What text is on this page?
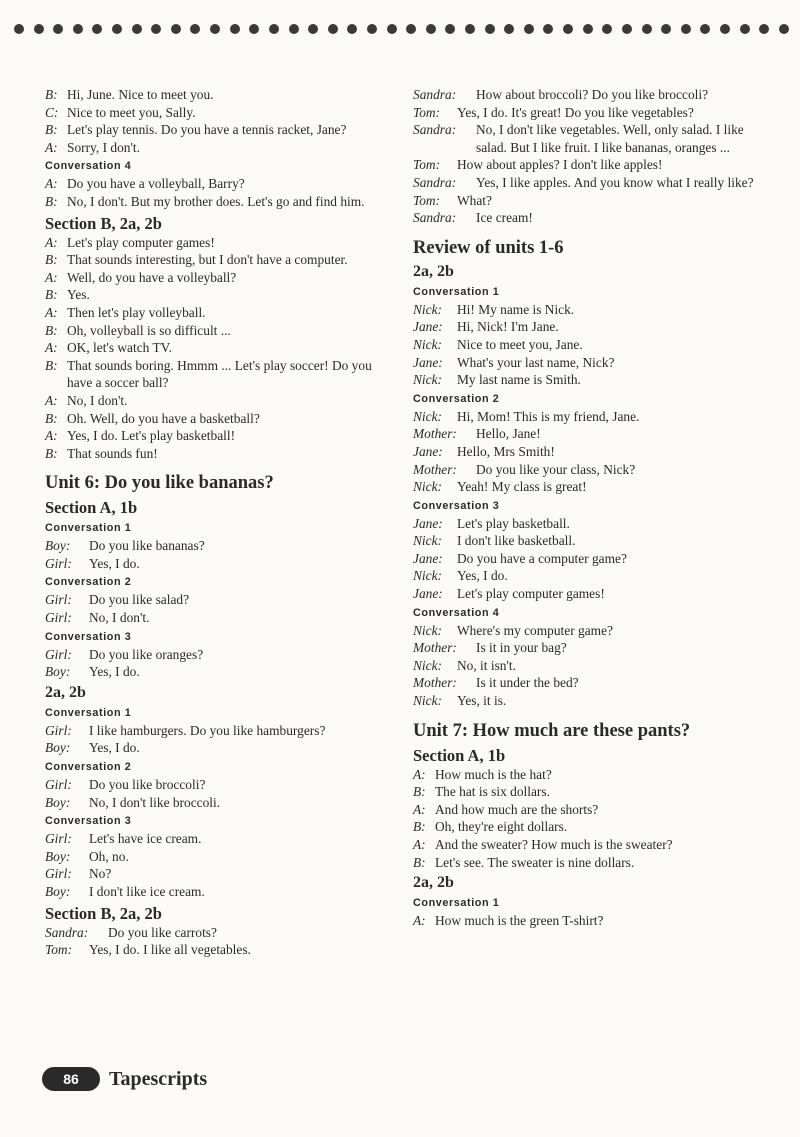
B: Hi, June. Nice to meet you.
C: Nice to meet you, Sally.
B: Let's play tennis. Do you have a tennis racket, Jane?
A: Sorry, I don't.
Conversation 4
A: Do you have a volleyball, Barry?
B: No, I don't. But my brother does. Let's go and find him.
Section B, 2a, 2b
A: Let's play computer games!
B: That sounds interesting, but I don't have a computer.
A: Well, do you have a volleyball?
B: Yes.
A: Then let's play volleyball.
B: Oh, volleyball is so difficult ...
A: OK, let's watch TV.
B: That sounds boring. Hmmm ... Let's play soccer! Do you have a soccer ball?
A: No, I don't.
B: Oh. Well, do you have a basketball?
A: Yes, I do. Let's play basketball!
B: That sounds fun!
Unit 6: Do you like bananas?
Section A, 1b
Conversation 1
Boy:	Do you like bananas?
Girl:	Yes, I do.
Conversation 2
Girl:	Do you like salad?
Girl:	No, I don't.
Conversation 3
Girl:	Do you like oranges?
Boy:	Yes, I do.
2a, 2b
Conversation 1
Girl:	I like hamburgers. Do you like hamburgers?
Boy:	Yes, I do.
Conversation 2
Girl:	Do you like broccoli?
Boy:	No, I don't like broccoli.
Conversation 3
Girl:	Let's have ice cream.
Boy:	Oh, no.
Girl:	No?
Boy:	I don't like ice cream.
Section B, 2a, 2b
Sandra:	Do you like carrots?
Tom:	Yes, I do. I like all vegetables.
Sandra:	How about broccoli? Do you like broccoli?
Tom:	Yes, I do. It's great! Do you like vegetables?
Sandra:	No, I don't like vegetables. Well, only salad. I like salad. But I like fruit. I like bananas, oranges ...
Tom:	How about apples? I don't like apples!
Sandra:	Yes, I like apples. And you know what I really like?
Tom:	What?
Sandra:	Ice cream!
Review of units 1-6
2a, 2b
Conversation 1
Nick:	Hi! My name is Nick.
Jane:	Hi, Nick! I'm Jane.
Nick:	Nice to meet you, Jane.
Jane:	What's your last name, Nick?
Nick:	My last name is Smith.
Conversation 2
Nick:	Hi, Mom! This is my friend, Jane.
Mother:	Hello, Jane!
Jane:	Hello, Mrs Smith!
Mother:	Do you like your class, Nick?
Nick:	Yeah! My class is great!
Conversation 3
Jane:	Let's play basketball.
Nick:	I don't like basketball.
Jane:	Do you have a computer game?
Nick:	Yes, I do.
Jane:	Let's play computer games!
Conversation 4
Nick:	Where's my computer game?
Mother:	Is it in your bag?
Nick:	No, it isn't.
Mother:	Is it under the bed?
Nick:	Yes, it is.
Unit 7: How much are these pants?
Section A, 1b
A: How much is the hat?
B: The hat is six dollars.
A: And how much are the shorts?
B: Oh, they're eight dollars.
A: And the sweater? How much is the sweater?
B: Let's see. The sweater is nine dollars.
2a, 2b
Conversation 1
A: How much is the green T-shirt?
86	Tapescripts
